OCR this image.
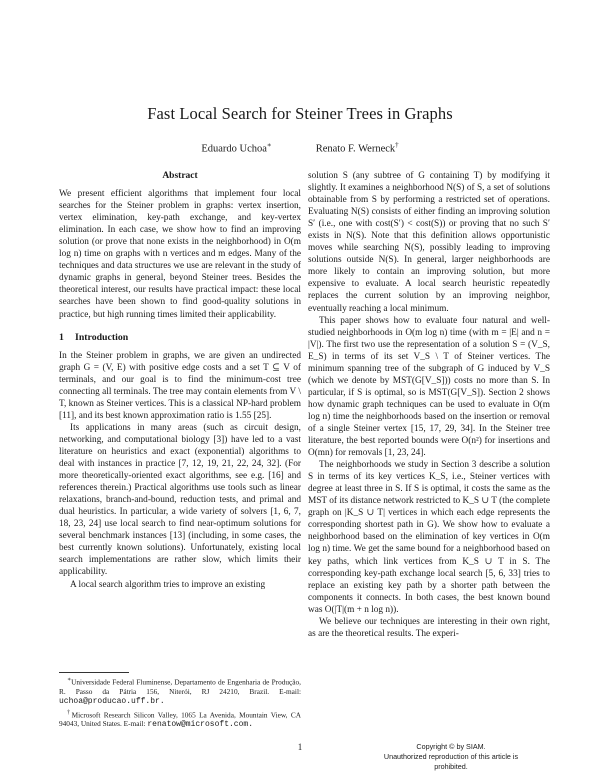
Fast Local Search for Steiner Trees in Graphs
Eduardo Uchoa∗	Renato F. Werneck†
Abstract

We present efficient algorithms that implement four local searches for the Steiner problem in graphs: vertex insertion, vertex elimination, key-path exchange, and key-vertex elimination. In each case, we show how to find an improving solution (or prove that none exists in the neighborhood) in O(m log n) time on graphs with n vertices and m edges. Many of the techniques and data structures we use are relevant in the study of dynamic graphs in general, beyond Steiner trees. Besides the theoretical interest, our results have practical impact: these local searches have been shown to find good-quality solutions in practice, but high running times limited their applicability.

1 Introduction

In the Steiner problem in graphs, we are given an undirected graph G = (V, E) with positive edge costs and a set T ⊆ V of terminals, and our goal is to find the minimum-cost tree connecting all terminals. The tree may contain elements from V \ T, known as Steiner vertices. This is a classical NP-hard problem [11], and its best known approximation ratio is 1.55 [25].

Its applications in many areas (such as circuit design, networking, and computational biology [3]) have led to a vast literature on heuristics and exact (exponential) algorithms to deal with instances in practice [7, 12, 19, 21, 22, 24, 32]. (For more theoretically-oriented exact algorithms, see e.g. [16] and references therein.) Practical algorithms use tools such as linear relaxations, branch-and-bound, reduction tests, and primal and dual heuristics. In particular, a wide variety of solvers [1, 6, 7, 18, 23, 24] use local search to find near-optimum solutions for several benchmark instances [13] (including, in some cases, the best currently known solutions). Unfortunately, existing local search implementations are rather slow, which limits their applicability.

A local search algorithm tries to improve an existing

solution S (any subtree of G containing T) by modifying it slightly. It examines a neighborhood N(S) of S, a set of solutions obtainable from S by performing a restricted set of operations. Evaluating N(S) consists of either finding an improving solution S′ (i.e., one with cost(S′) < cost(S)) or proving that no such S′ exists in N(S). Note that this definition allows opportunistic moves while searching N(S), possibly leading to improving solutions outside N(S). In general, larger neighborhoods are more likely to contain an improving solution, but more expensive to evaluate. A local search heuristic repeatedly replaces the current solution by an improving neighbor, eventually reaching a local minimum.

This paper shows how to evaluate four natural and well-studied neighborhoods in O(m log n) time (with m = |E| and n = |V|). The first two use the representation of a solution S = (V_S, E_S) in terms of its set V_S \ T of Steiner vertices. The minimum spanning tree of the subgraph of G induced by V_S (which we denote by MST(G[V_S])) costs no more than S. In particular, if S is optimal, so is MST(G[V_S]). Section 2 shows how dynamic graph techniques can be used to evaluate in O(m log n) time the neighborhoods based on the insertion or removal of a single Steiner vertex [15, 17, 29, 34]. In the Steiner tree literature, the best reported bounds were O(n²) for insertions and O(mn) for removals [1, 23, 24].

The neighborhoods we study in Section 3 describe a solution S in terms of its key vertices K_S, i.e., Steiner vertices with degree at least three in S. If S is optimal, it costs the same as the MST of its distance network restricted to K_S ∪ T (the complete graph on |K_S ∪ T| vertices in which each edge represents the corresponding shortest path in G). We show how to evaluate a neighborhood based on the elimination of key vertices in O(m log n) time. We get the same bound for a neighborhood based on key paths, which link vertices from K_S ∪ T in S. The corresponding key-path exchange local search [5, 6, 33] tries to replace an existing key path by a shorter path between the components it connects. In both cases, the best known bound was O(|T|(m + n log n)).

We believe our techniques are interesting in their own right, as are the theoretical results. The experi-

∗Universidade Federal Fluminense, Departamento de Engenharia de Produção, R. Passo da Pátria 156, Niterói, RJ 24210, Brazil. E-mail: uchoa@producao.uff.br.

†Microsoft Research Silicon Valley, 1065 La Avenida, Mountain View, CA 94043, United States. E-mail: renatow@microsoft.com.

1	Copyright © by SIAM.
Unauthorized reproduction of this article is prohibited.
